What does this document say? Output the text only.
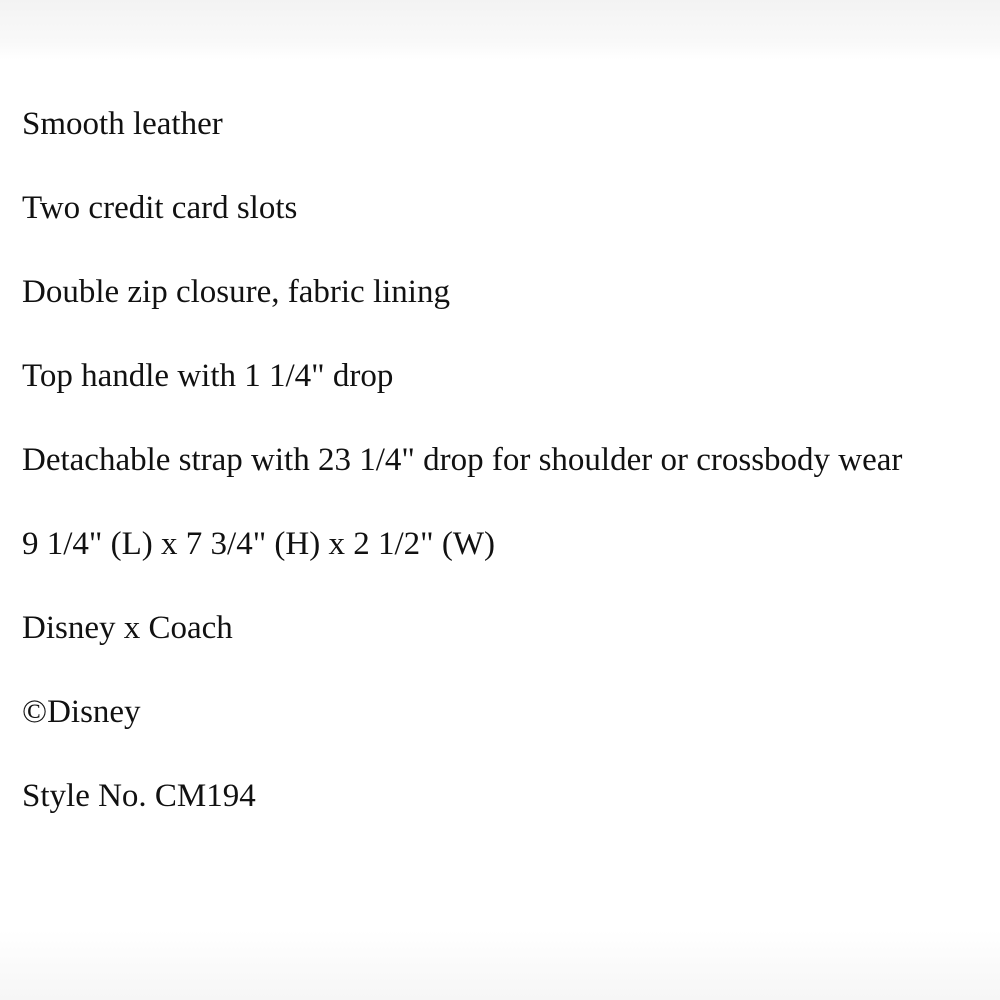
Smooth leather

Two credit card slots

Double zip closure, fabric lining

Top handle with 1 1/4" drop

Detachable strap with 23 1/4" drop for shoulder or crossbody wear

9 1/4" (L) x 7 3/4" (H) x 2 1/2" (W)

Disney x Coach

©Disney

Style No. CM194
